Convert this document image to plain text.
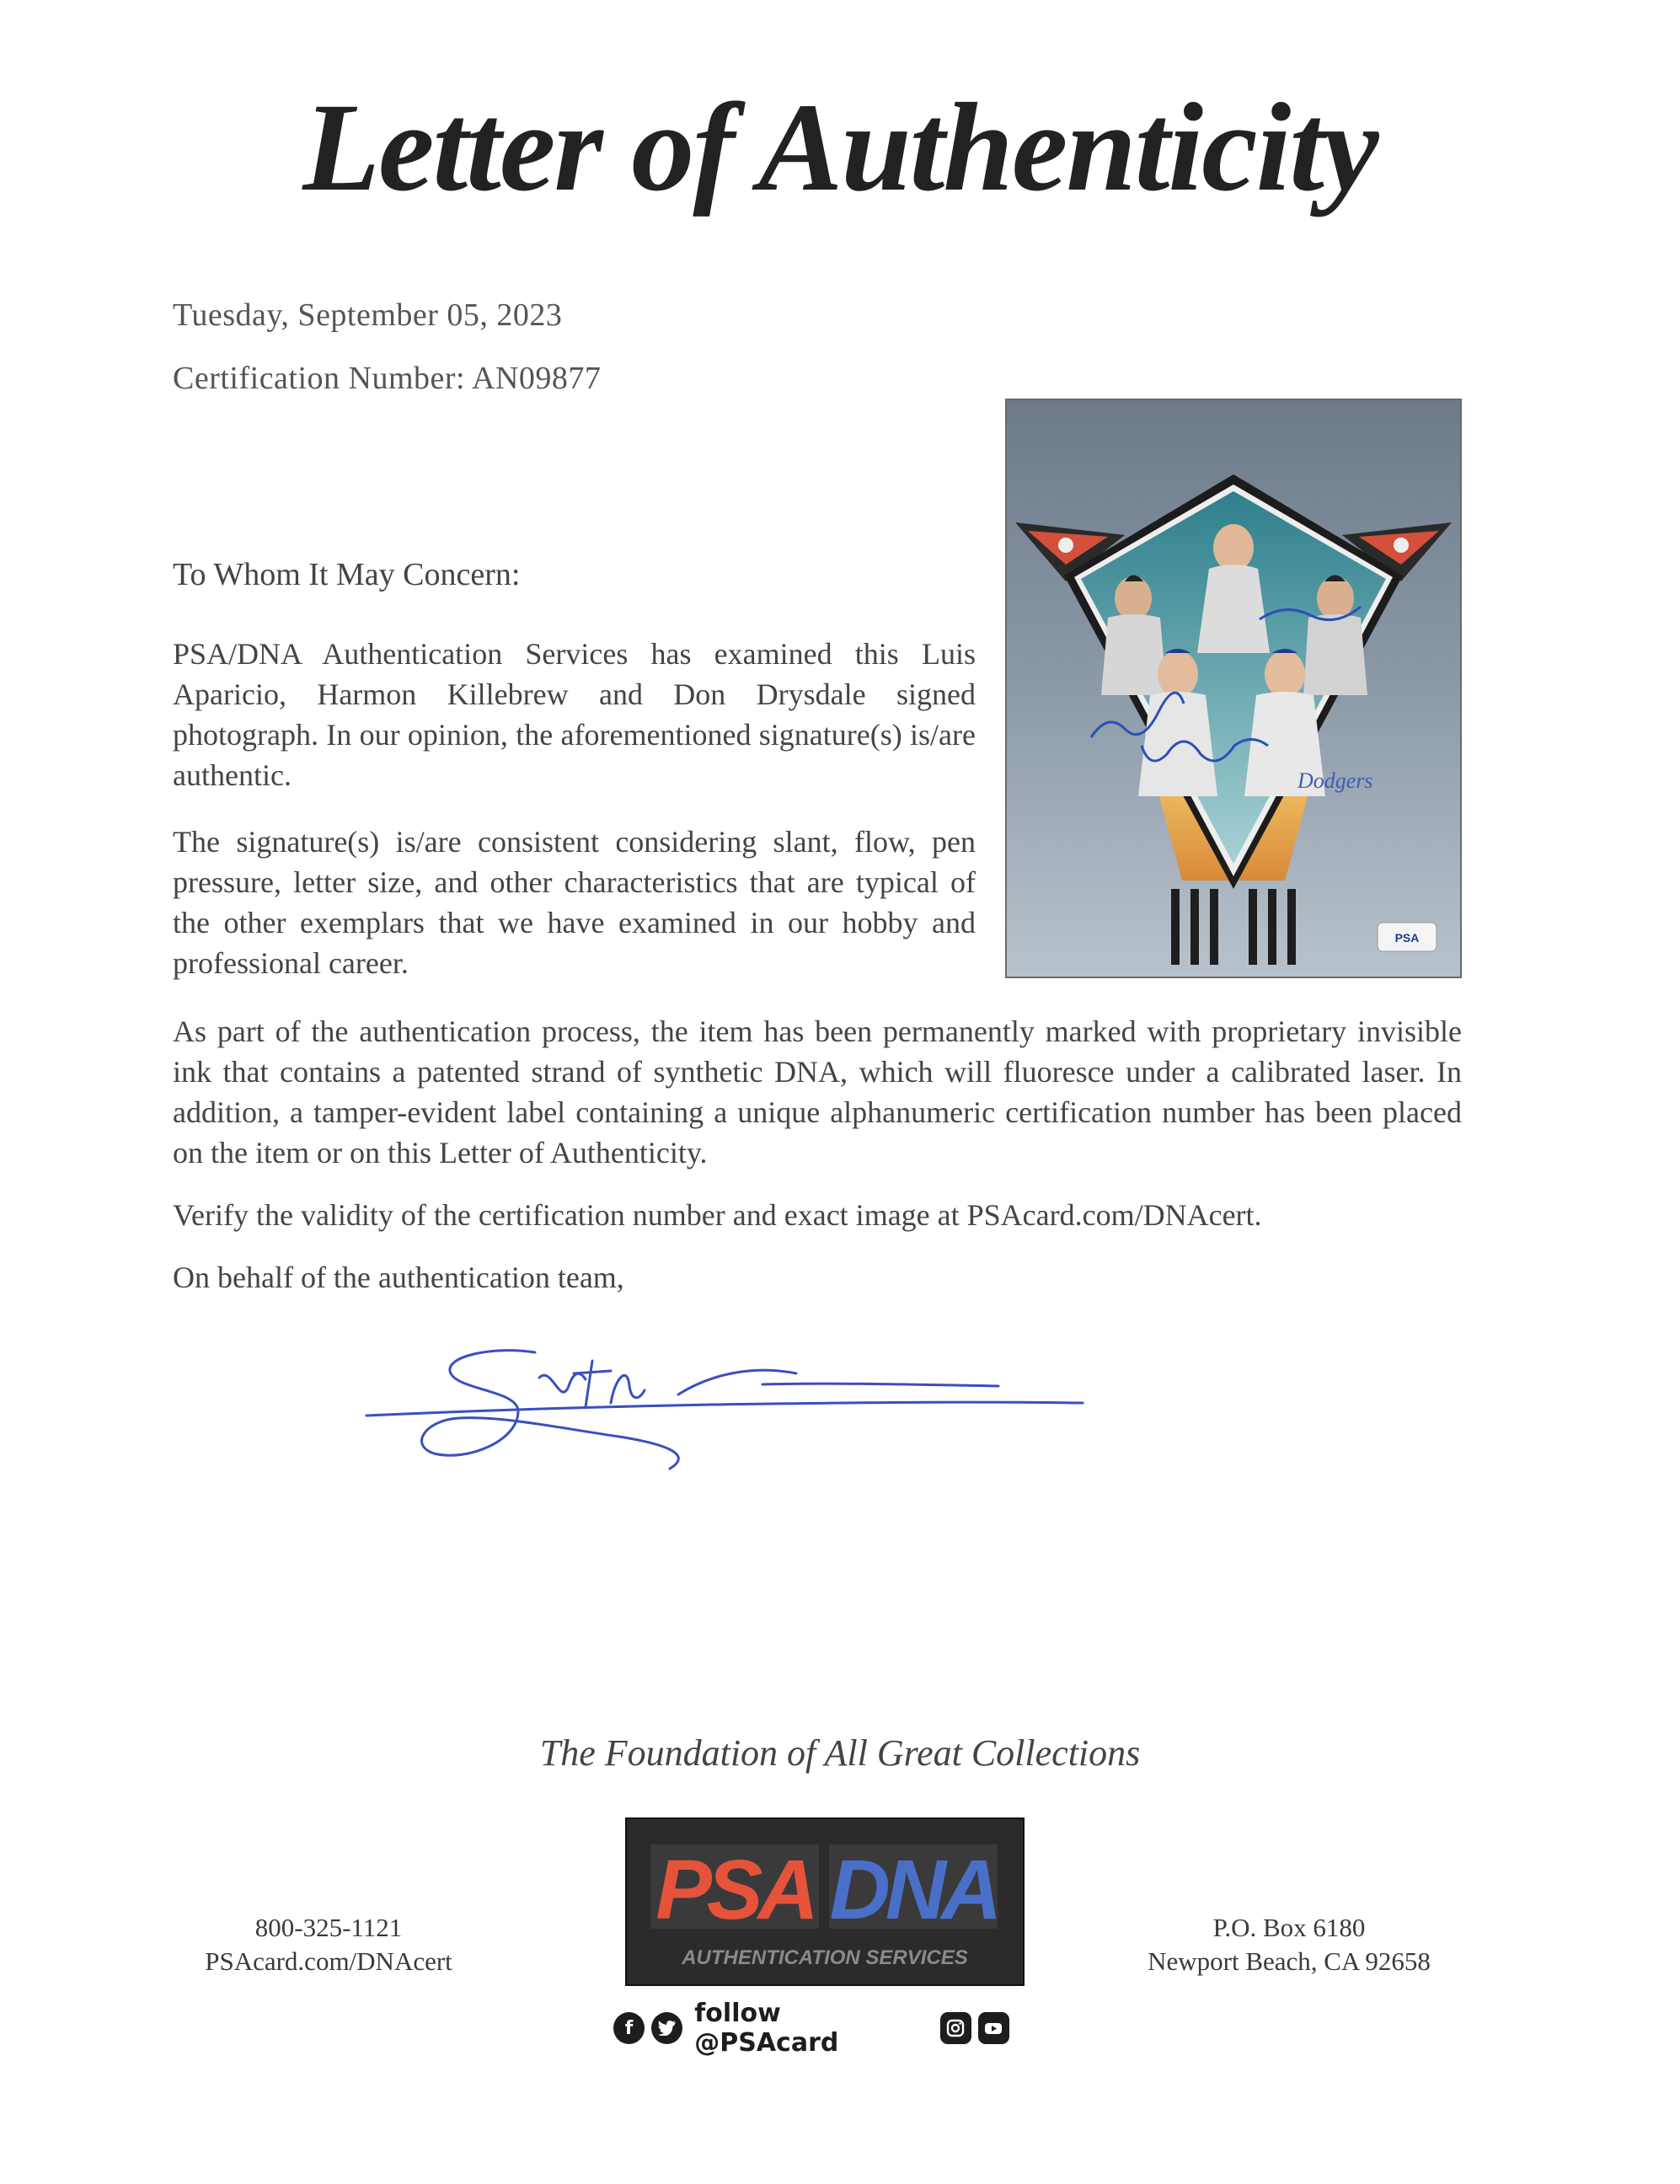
Letter of Authenticity
Tuesday, September 05, 2023
Certification Number: AN09877
Dodgers
PSA
To Whom It May Concern:

PSA/DNA Authentication Services has examined this Luis Aparicio, Harmon Killebrew and Don Drysdale signed photograph. In our opinion, the aforementioned signature(s) is/are authentic.

The signature(s) is/are consistent considering slant, flow, pen pressure, letter size, and other characteristics that are typical of the other exemplars that we have examined in our hobby and professional career.

As part of the authentication process, the item has been permanently marked with proprietary invisible ink that contains a patented strand of synthetic DNA, which will fluoresce under a calibrated laser. In addition, a tamper-evident label containing a unique alphanumeric certification number has been placed on the item or on this Letter of Authenticity.

Verify the validity of the certification number and exact image at PSAcard.com/DNAcert.

On behalf of the authentication team,

The Foundation of All Great Collections
800-325-1121
PSAcard.com/DNAcert
PSA DNA
AUTHENTICATION SERVICES
P.O. Box 6180
Newport Beach, CA 92658
f	follow @PSAcard
